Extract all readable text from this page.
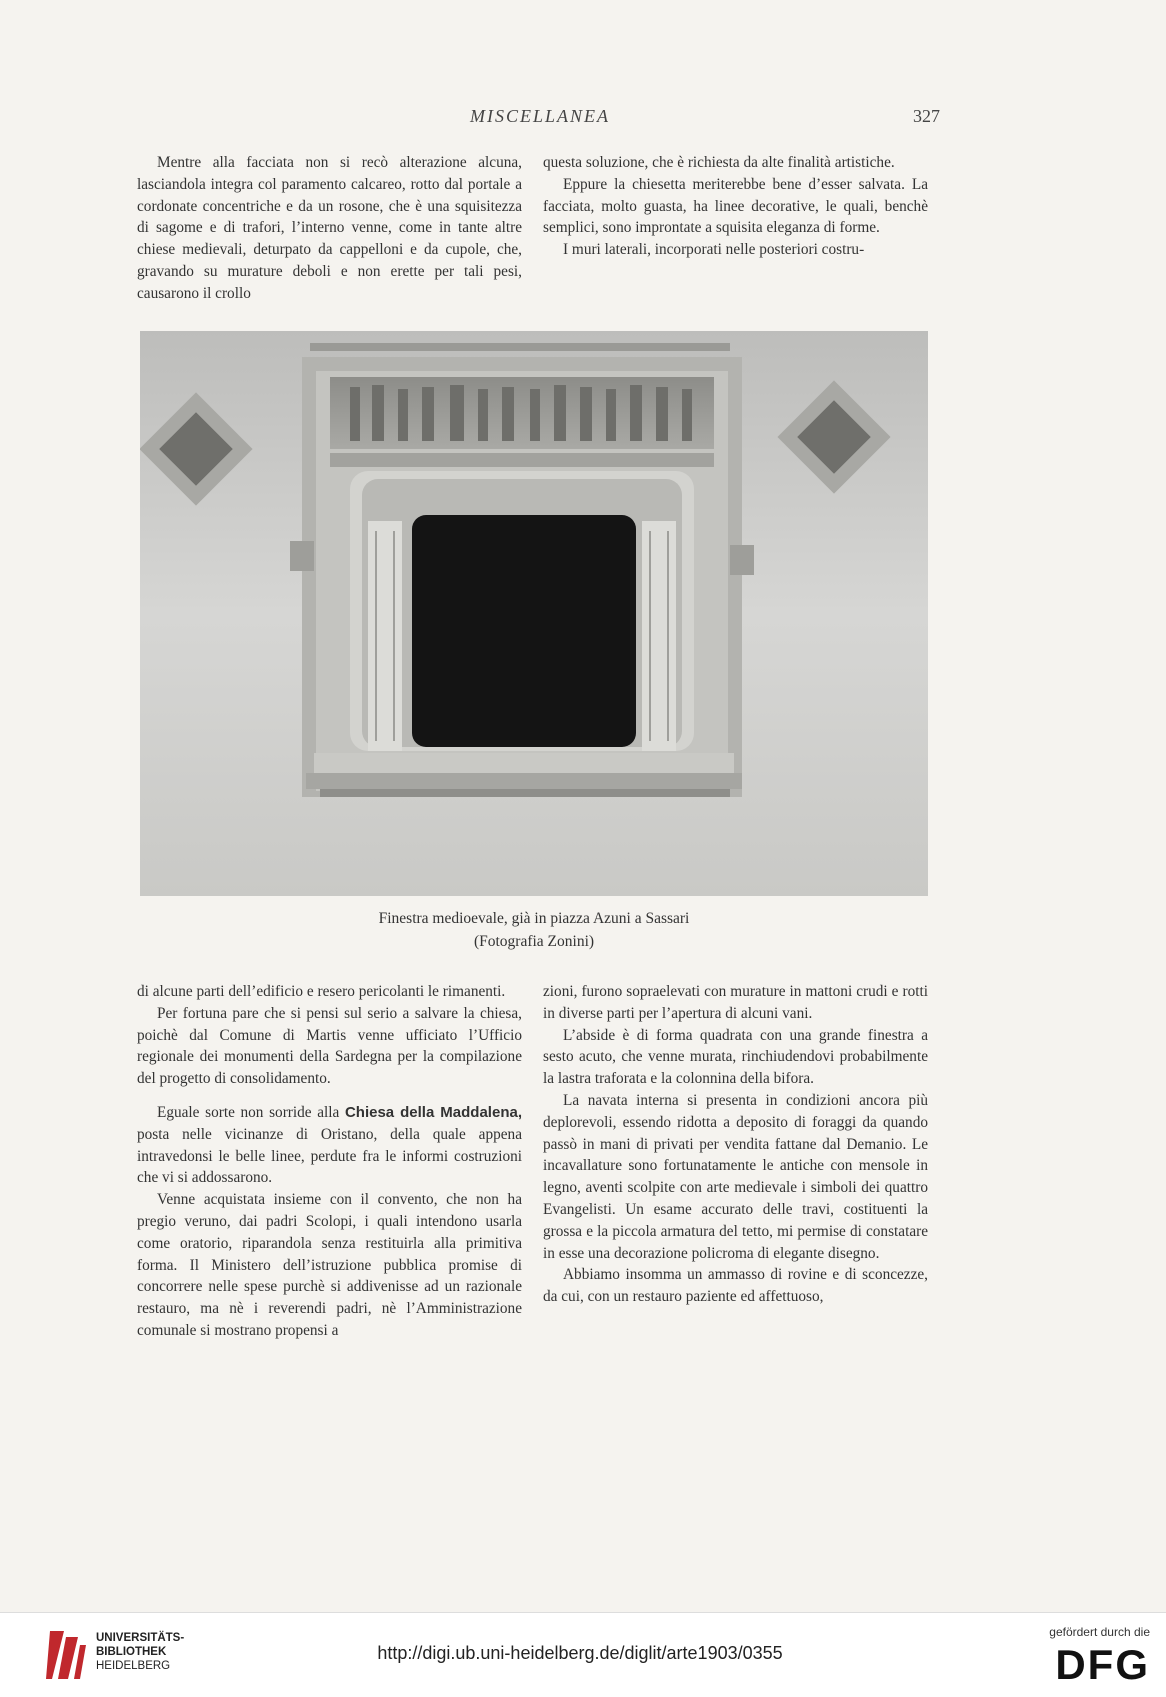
MISCELLANEA	327

Mentre alla facciata non si recò alterazione alcuna, lasciandola integra col paramento calcareo, rotto dal portale a cordonate concentriche e da un rosone, che è una squisitezza di sagome e di trafori, l’interno venne, come in tante altre chiese medievali, deturpato da cappelloni e da cupole, che, gravando su murature deboli e non erette per tali pesi, causarono il crollo

questa soluzione, che è richiesta da alte finalità artistiche.

Eppure la chiesetta meriterebbe bene d’esser salvata. La facciata, molto guasta, ha linee decorative, le quali, benchè semplici, sono improntate a squisita eleganza di forme.

I muri laterali, incorporati nelle posteriori costru-

Finestra medioevale, già in piazza Azuni a Sassari
(Fotografia Zonini)

di alcune parti dell’edificio e resero pericolanti le rimanenti.

Per fortuna pare che si pensi sul serio a salvare la chiesa, poichè dal Comune di Martis venne ufficiato l’Ufficio regionale dei monumenti della Sardegna per la compilazione del progetto di consolidamento.

Eguale sorte non sorride alla Chiesa della Maddalena, posta nelle vicinanze di Oristano, della quale appena intravedonsi le belle linee, perdute fra le informi costruzioni che vi si addossarono.

Venne acquistata insieme con il convento, che non ha pregio veruno, dai padri Scolopi, i quali intendono usarla come oratorio, riparandola senza restituirla alla primitiva forma. Il Ministero dell’istruzione pubblica promise di concorrere nelle spese purchè si addivenisse ad un razionale restauro, ma nè i reverendi padri, nè l’Amministrazione comunale si mostrano propensi a

zioni, furono sopraelevati con murature in mattoni crudi e rotti in diverse parti per l’apertura di alcuni vani.

L’abside è di forma quadrata con una grande finestra a sesto acuto, che venne murata, rinchiudendovi probabilmente la lastra traforata e la colonnina della bifora.

La navata interna si presenta in condizioni ancora più deplorevoli, essendo ridotta a deposito di foraggi da quando passò in mani di privati per vendita fattane dal Demanio. Le incavallature sono fortunatamente le antiche con mensole in legno, aventi scolpite con arte medievale i simboli dei quattro Evangelisti. Un esame accurato delle travi, costituenti la grossa e la piccola armatura del tetto, mi permise di constatare in esse una decorazione policroma di elegante disegno.

Abbiamo insomma un ammasso di rovine e di sconcezze, da cui, con un restauro paziente ed affettuoso,

UNIVERSITÄTS-
BIBLIOTHEK
HEIDELBERG
http://digi.ub.uni-heidelberg.de/diglit/arte1903/0355
gefördert durch die
DFG
